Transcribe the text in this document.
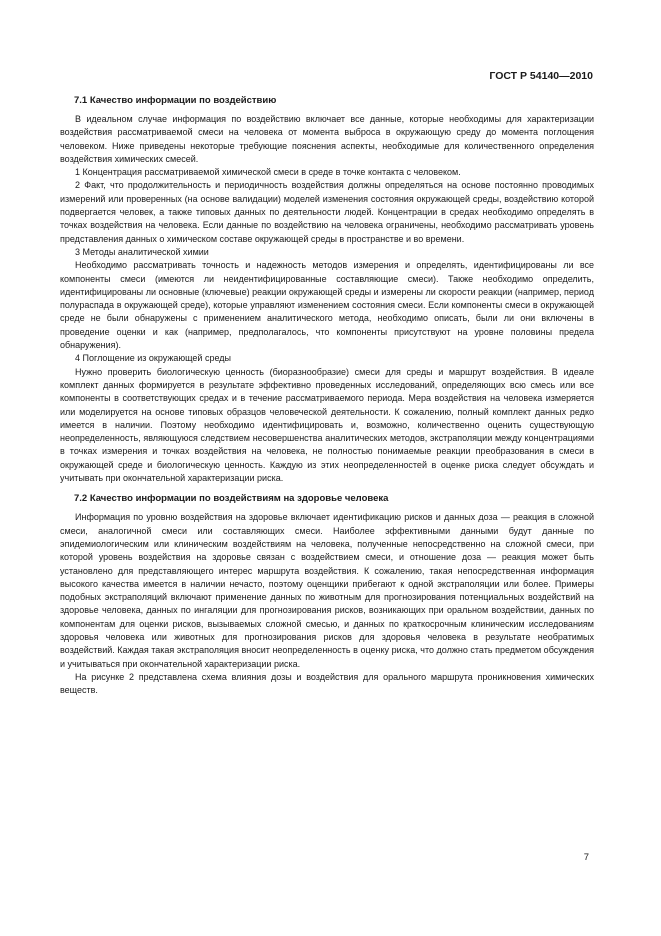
ГОСТ Р 54140—2010
7.1 Качество информации по воздействию

В идеальном случае информация по воздействию включает все данные, которые необходимы для характеризации воздействия рассматриваемой смеси на человека от момента выброса в окружающую среду до момента поглощения человеком. Ниже приведены некоторые требующие пояснения аспекты, необходимые для количественного определения воздействия химических смесей.

1 Концентрация рассматриваемой химической смеси в среде в точке контакта с человеком.

2 Факт, что продолжительность и периодичность воздействия должны определяться на основе постоянно проводимых измерений или проверенных (на основе валидации) моделей изменения состояния окружающей среды, воздействию которой подвергается человек, а также типовых данных по деятельности людей. Концентрации в средах необходимо определять в точках воздействия на человека. Если данные по воздействию на человека ограничены, необходимо рассматривать уровень представления данных о химическом составе окружающей среды в пространстве и во времени.

3 Методы аналитической химии

Необходимо рассматривать точность и надежность методов измерения и определять, идентифицированы ли все компоненты смеси (имеются ли неидентифицированные составляющие смеси). Также необходимо определить, идентифицированы ли основные (ключевые) реакции окружающей среды и измерены ли скорости реакции (например, период полураспада в окружающей среде), которые управляют изменением состояния смеси. Если компоненты смеси в окружающей среде не были обнаружены с применением аналитического метода, необходимо описать, были ли они включены в проведение оценки и как (например, предполагалось, что компоненты присутствуют на уровне половины предела обнаружения).

4 Поглощение из окружающей среды

Нужно проверить биологическую ценность (биоразнообразие) смеси для среды и маршрут воздействия. В идеале комплект данных формируется в результате эффективно проведенных исследований, определяющих всю смесь или все компоненты в соответствующих средах и в течение рассматриваемого периода. Мера воздействия на человека измеряется или моделируется на основе типовых образцов человеческой деятельности. К сожалению, полный комплект данных редко имеется в наличии. Поэтому необходимо идентифицировать и, возможно, количественно оценить существующую неопределенность, являющуюся следствием несовершенства аналитических методов, экстраполяции между концентрациями в точках измерения и точках воздействия на человека, не полностью понимаемые реакции преобразования в смеси в окружающей среде и биологическую ценность. Каждую из этих неопределенностей в оценке риска следует обсуждать и учитывать при окончательной характеризации риска.

7.2 Качество информации по воздействиям на здоровье человека

Информация по уровню воздействия на здоровье включает идентификацию рисков и данных доза — реакция в сложной смеси, аналогичной смеси или составляющих смеси. Наиболее эффективными данными будут данные по эпидемиологическим или клиническим воздействиям на человека, полученные непосредственно на сложной смеси, при которой уровень воздействия на здоровье связан с воздействием смеси, и отношение доза — реакция может быть установлено для представляющего интерес маршрута воздействия. К сожалению, такая непосредственная информация высокого качества имеется в наличии нечасто, поэтому оценщики прибегают к одной экстраполяции или более. Примеры подобных экстраполяций включают применение данных по животным для прогнозирования потенциальных воздействий на здоровье человека, данных по ингаляции для прогнозирования рисков, возникающих при оральном воздействии, данных по компонентам для оценки рисков, вызываемых сложной смесью, и данных по краткосрочным клиническим исследованиям здоровья человека или животных для прогнозирования рисков для здоровья человека в результате необратимых воздействий. Каждая такая экстраполяция вносит неопределенность в оценку риска, что должно стать предметом обсуждения и учитываться при окончательной характеризации риска.

На рисунке 2 представлена схема влияния дозы и воздействия для орального маршрута проникновения химических веществ.

7
